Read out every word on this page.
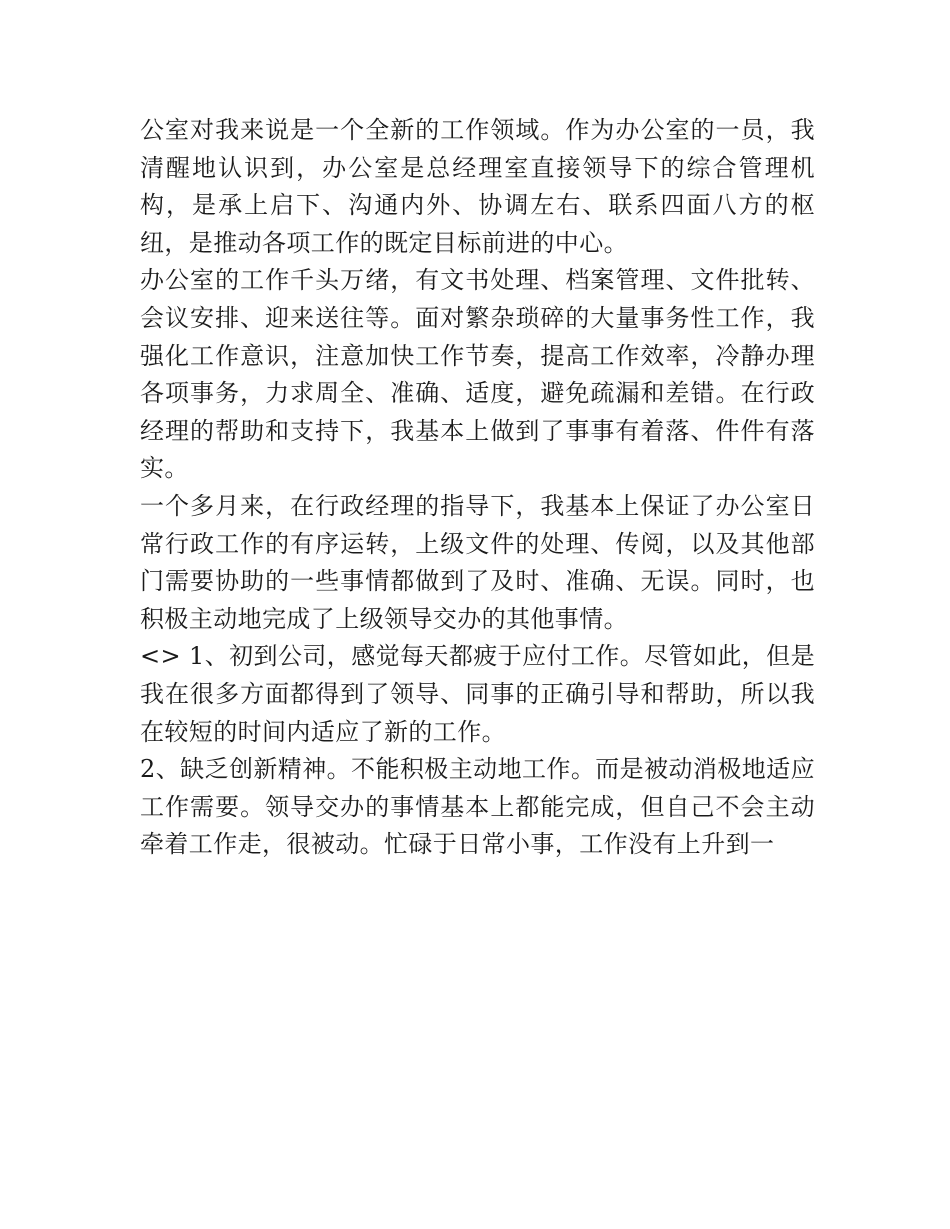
公室对我来说是一个全新的工作领域。作为办公室的一员，我清醒地认识到，办公室是总经理室直接领导下的综合管理机构，是承上启下、沟通内外、协调左右、联系四面八方的枢纽，是推动各项工作的既定目标前进的中心。

办公室的工作千头万绪，有文书处理、档案管理、文件批转、会议安排、迎来送往等。面对繁杂琐碎的大量事务性工作，我强化工作意识，注意加快工作节奏，提高工作效率，冷静办理各项事务，力求周全、准确、适度，避免疏漏和差错。在行政经理的帮助和支持下，我基本上做到了事事有着落、件件有落实。

一个多月来，在行政经理的指导下，我基本上保证了办公室日常行政工作的有序运转，上级文件的处理、传阅，以及其他部门需要协助的一些事情都做到了及时、准确、无误。同时，也积极主动地完成了上级领导交办的其他事情。

<> 1、初到公司，感觉每天都疲于应付工作。尽管如此，但是我在很多方面都得到了领导、同事的正确引导和帮助，所以我在较短的时间内适应了新的工作。

2、缺乏创新精神。不能积极主动地工作。而是被动消极地适应工作需要。领导交办的事情基本上都能完成，但自己不会主动牵着工作走，很被动。忙碌于日常小事，工作没有上升到一
